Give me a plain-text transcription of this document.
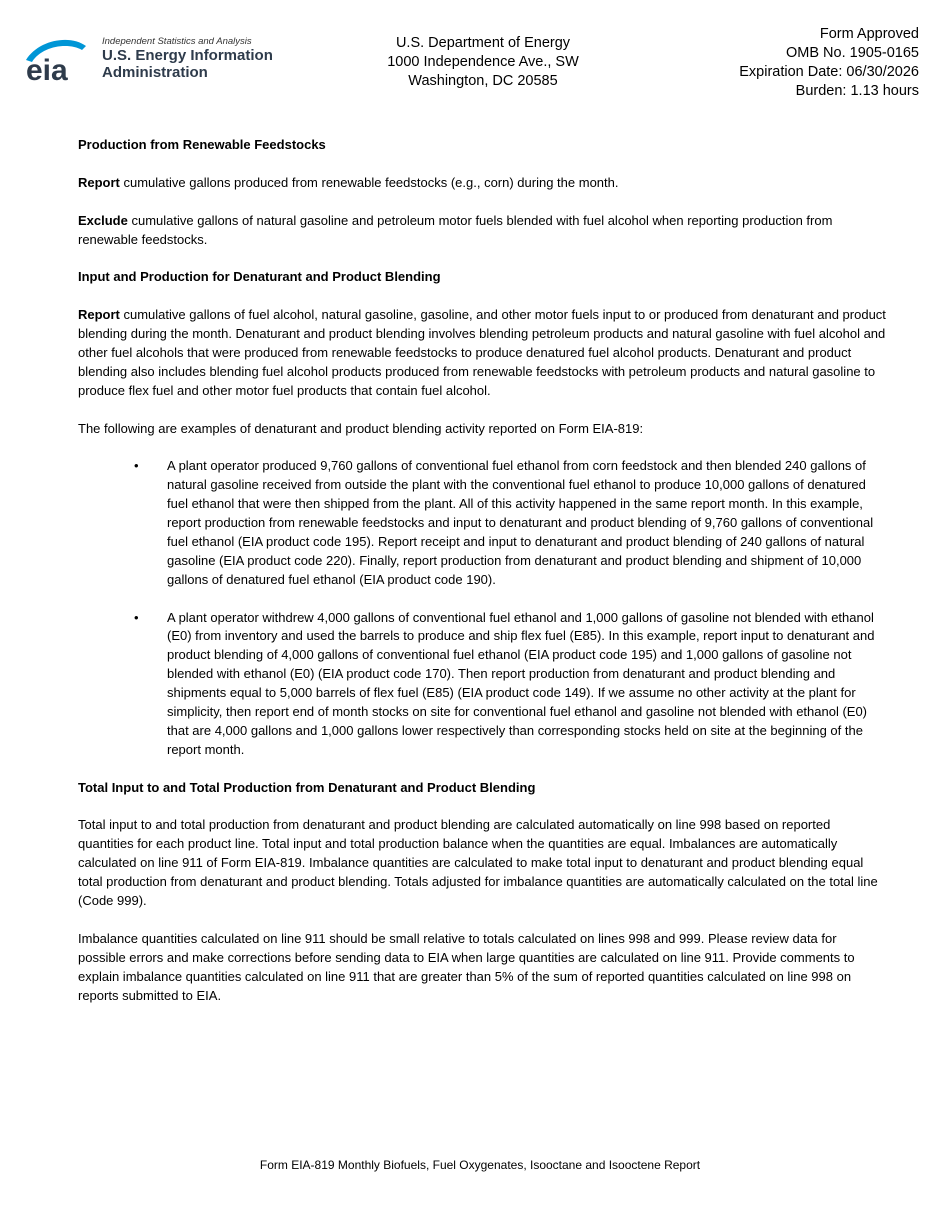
eia
Independent Statistics and Analysis
U.S. Energy Information
Administration
U.S. Department of Energy
1000 Independence Ave., SW
Washington, DC 20585
Form Approved
OMB No. 1905-0165
Expiration Date: 06/30/2026
Burden: 1.13 hours
Production from Renewable Feedstocks

Report cumulative gallons produced from renewable feedstocks (e.g., corn) during the month.

Exclude cumulative gallons of natural gasoline and petroleum motor fuels blended with fuel alcohol when reporting production from renewable feedstocks.

Input and Production for Denaturant and Product Blending

Report cumulative gallons of fuel alcohol, natural gasoline, gasoline, and other motor fuels input to or produced from denaturant and product blending during the month. Denaturant and product blending involves blending petroleum products and natural gasoline with fuel alcohol and other fuel alcohols that were produced from renewable feedstocks to produce denatured fuel alcohol products. Denaturant and product blending also includes blending fuel alcohol products produced from renewable feedstocks with petroleum products and natural gasoline to produce flex fuel and other motor fuel products that contain fuel alcohol.

The following are examples of denaturant and product blending activity reported on Form EIA-819:

• A plant operator produced 9,760 gallons of conventional fuel ethanol from corn feedstock and then blended 240 gallons of natural gasoline received from outside the plant with the conventional fuel ethanol to produce 10,000 gallons of denatured fuel ethanol that were then shipped from the plant. All of this activity happened in the same report month. In this example, report production from renewable feedstocks and input to denaturant and product blending of 9,760 gallons of conventional fuel ethanol (EIA product code 195). Report receipt and input to denaturant and product blending of 240 gallons of natural gasoline (EIA product code 220). Finally, report production from denaturant and product blending and shipment of 10,000 gallons of denatured fuel ethanol (EIA product code 190).
• A plant operator withdrew 4,000 gallons of conventional fuel ethanol and 1,000 gallons of gasoline not blended with ethanol (E0) from inventory and used the barrels to produce and ship flex fuel (E85). In this example, report input to denaturant and product blending of 4,000 gallons of conventional fuel ethanol (EIA product code 195) and 1,000 gallons of gasoline not blended with ethanol (E0) (EIA product code 170). Then report production from denaturant and product blending and shipments equal to 5,000 barrels of flex fuel (E85) (EIA product code 149). If we assume no other activity at the plant for simplicity, then report end of month stocks on site for conventional fuel ethanol and gasoline not blended with ethanol (E0) that are 4,000 gallons and 1,000 gallons lower respectively than corresponding stocks held on site at the beginning of the report month.
Total Input to and Total Production from Denaturant and Product Blending

Total input to and total production from denaturant and product blending are calculated automatically on line 998 based on reported quantities for each product line. Total input and total production balance when the quantities are equal. Imbalances are automatically calculated on line 911 of Form EIA-819. Imbalance quantities are calculated to make total input to denaturant and product blending equal total production from denaturant and product blending. Totals adjusted for imbalance quantities are automatically calculated on the total line (Code 999).

Imbalance quantities calculated on line 911 should be small relative to totals calculated on lines 998 and 999. Please review data for possible errors and make corrections before sending data to EIA when large quantities are calculated on line 911. Provide comments to explain imbalance quantities calculated on line 911 that are greater than 5% of the sum of reported quantities calculated on line 998 on reports submitted to EIA.

Form EIA-819 Monthly Biofuels, Fuel Oxygenates, Isooctane and Isooctene Report
